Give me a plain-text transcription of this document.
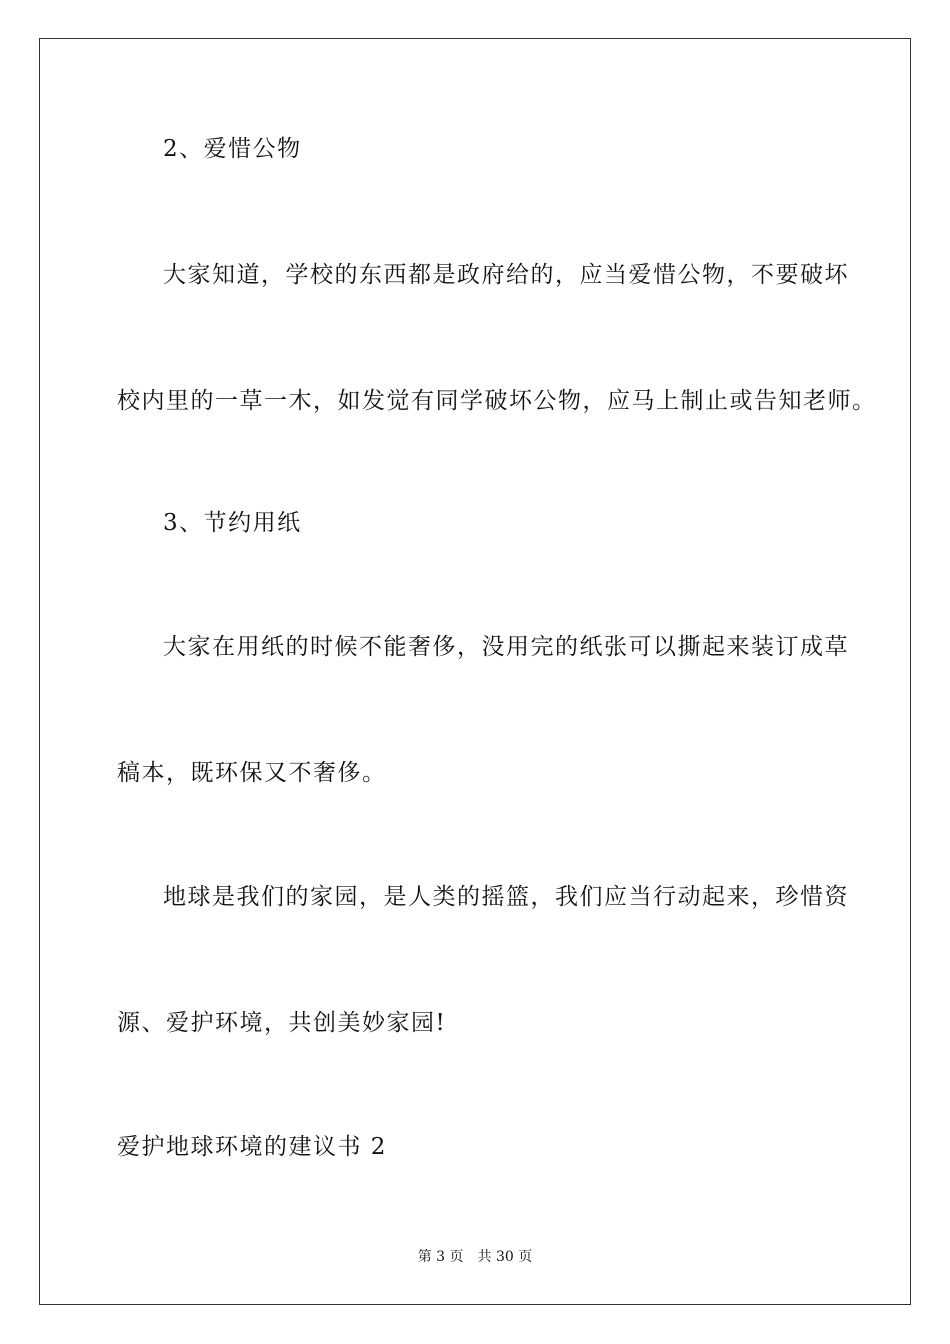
2、爱惜公物
大家知道，学校的东西都是政府给的，应当爱惜公物，不要破坏
校内里的一草一木，如发觉有同学破坏公物，应马上制止或告知老师。
3、节约用纸
大家在用纸的时候不能奢侈，没用完的纸张可以撕起来装订成草
稿本，既环保又不奢侈。
地球是我们的家园，是人类的摇篮，我们应当行动起来，珍惜资
源、爱护环境，共创美妙家园!
爱护地球环境的建议书 2
第 3 页 共 30 页
